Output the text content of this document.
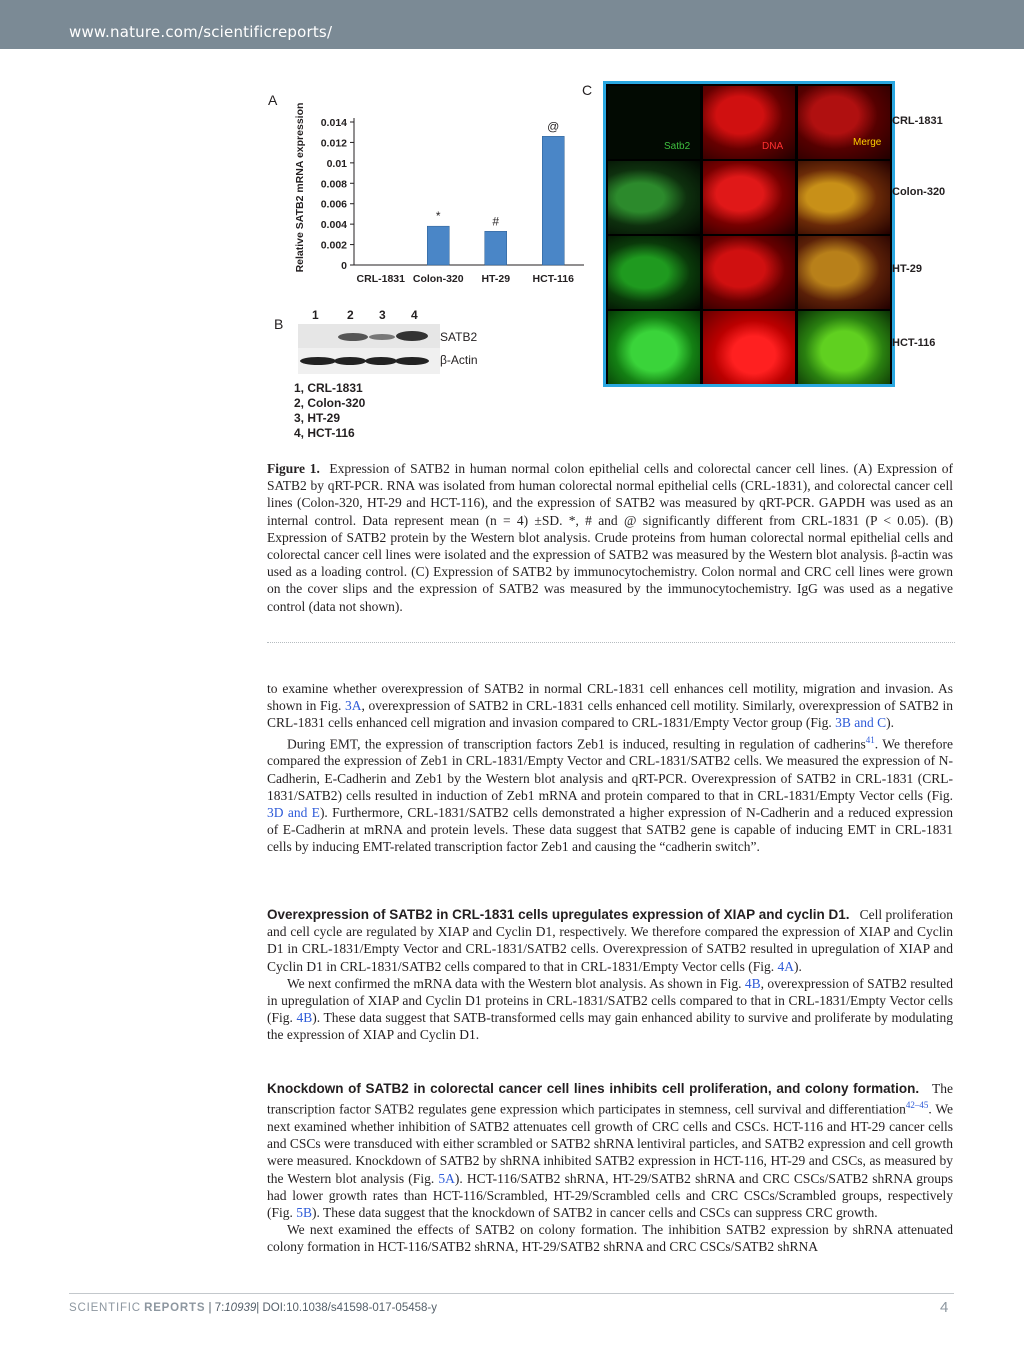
www.nature.com/scientificreports/
A
B
C
0
0.002
0.004
0.006
0.008
0.01
0.012
0.014
Relative SATB2 mRNA expression
CRL-1831 Colon-320
*
HT-29
#
HCT-116
@
1 2 3 4
SATB2
β-Actin
1, CRL-1831
2, Colon-320
3, HT-29
4, HCT-116
Satb2	DNA	Merge
CRL-1831
Colon-320
HT-29
HCT-116
Figure 1. Expression of SATB2 in human normal colon epithelial cells and colorectal cancer cell lines. (A) Expression of SATB2 by qRT-PCR. RNA was isolated from human colorectal normal epithelial cells (CRL-1831), and colorectal cancer cell lines (Colon-320, HT-29 and HCT-116), and the expression of SATB2 was measured by qRT-PCR. GAPDH was used as an internal control. Data represent mean (n = 4) ±SD. *, # and @ significantly different from CRL-1831 (P < 0.05). (B) Expression of SATB2 protein by the Western blot analysis. Crude proteins from human colorectal normal epithelial cells and colorectal cancer cell lines were isolated and the expression of SATB2 was measured by the Western blot analysis. β-actin was used as a loading control. (C) Expression of SATB2 by immunocytochemistry. Colon normal and CRC cell lines were grown on the cover slips and the expression of SATB2 was measured by the immunocytochemistry. IgG was used as a negative control (data not shown).

to examine whether overexpression of SATB2 in normal CRL-1831 cell enhances cell motility, migration and invasion. As shown in Fig. 3A, overexpression of SATB2 in CRL-1831 cells enhanced cell motility. Similarly, overexpression of SATB2 in CRL-1831 cells enhanced cell migration and invasion compared to CRL-1831/Empty Vector group (Fig. 3B and C).

During EMT, the expression of transcription factors Zeb1 is induced, resulting in regulation of cadherins$^{41}$. We therefore compared the expression of Zeb1 in CRL-1831/Empty Vector and CRL-1831/SATB2 cells. We measured the expression of N-Cadherin, E-Cadherin and Zeb1 by the Western blot analysis and qRT-PCR. Overexpression of SATB2 in CRL-1831 (CRL-1831/SATB2) cells resulted in induction of Zeb1 mRNA and protein compared to that in CRL-1831/Empty Vector cells (Fig. 3D and E). Furthermore, CRL-1831/SATB2 cells demonstrated a higher expression of N-Cadherin and a reduced expression of E-Cadherin at mRNA and protein levels. These data suggest that SATB2 gene is capable of inducing EMT in CRL-1831 cells by inducing EMT-related transcription factor Zeb1 and causing the “cadherin switch”.

Overexpression of SATB2 in CRL-1831 cells upregulates expression of XIAP and cyclin D1. Cell proliferation and cell cycle are regulated by XIAP and Cyclin D1, respectively. We therefore compared the expression of XIAP and Cyclin D1 in CRL-1831/Empty Vector and CRL-1831/SATB2 cells. Overexpression of SATB2 resulted in upregulation of XIAP and Cyclin D1 in CRL-1831/SATB2 cells compared to that in CRL-1831/Empty Vector cells (Fig. 4A).

We next confirmed the mRNA data with the Western blot analysis. As shown in Fig. 4B, overexpression of SATB2 resulted in upregulation of XIAP and Cyclin D1 proteins in CRL-1831/SATB2 cells compared to that in CRL-1831/Empty Vector cells (Fig. 4B). These data suggest that SATB-transformed cells may gain enhanced ability to survive and proliferate by modulating the expression of XIAP and Cyclin D1.

Knockdown of SATB2 in colorectal cancer cell lines inhibits cell proliferation, and colony formation. The transcription factor SATB2 regulates gene expression which participates in stemness, cell survival and differentiation$^{42-45}$. We next examined whether inhibition of SATB2 attenuates cell growth of CRC cells and CSCs. HCT-116 and HT-29 cancer cells and CSCs were transduced with either scrambled or SATB2 shRNA lentiviral particles, and SATB2 expression and cell growth were measured. Knockdown of SATB2 by shRNA inhibited SATB2 expression in HCT-116, HT-29 and CSCs, as measured by the Western blot analysis (Fig. 5A). HCT-116/SATB2 shRNA, HT-29/SATB2 shRNA and CRC CSCs/SATB2 shRNA groups had lower growth rates than HCT-116/Scrambled, HT-29/Scrambled cells and CRC CSCs/Scrambled groups, respectively (Fig. 5B). These data suggest that the knockdown of SATB2 in cancer cells and CSCs can suppress CRC growth.

We next examined the effects of SATB2 on colony formation. The inhibition SATB2 expression by shRNA attenuated colony formation in HCT-116/SATB2 shRNA, HT-29/SATB2 shRNA and CRC CSCs/SATB2 shRNA

SCIENTIFIC REPORTS | 7:10939| DOI:10.1038/s41598-017-05458-y	4
